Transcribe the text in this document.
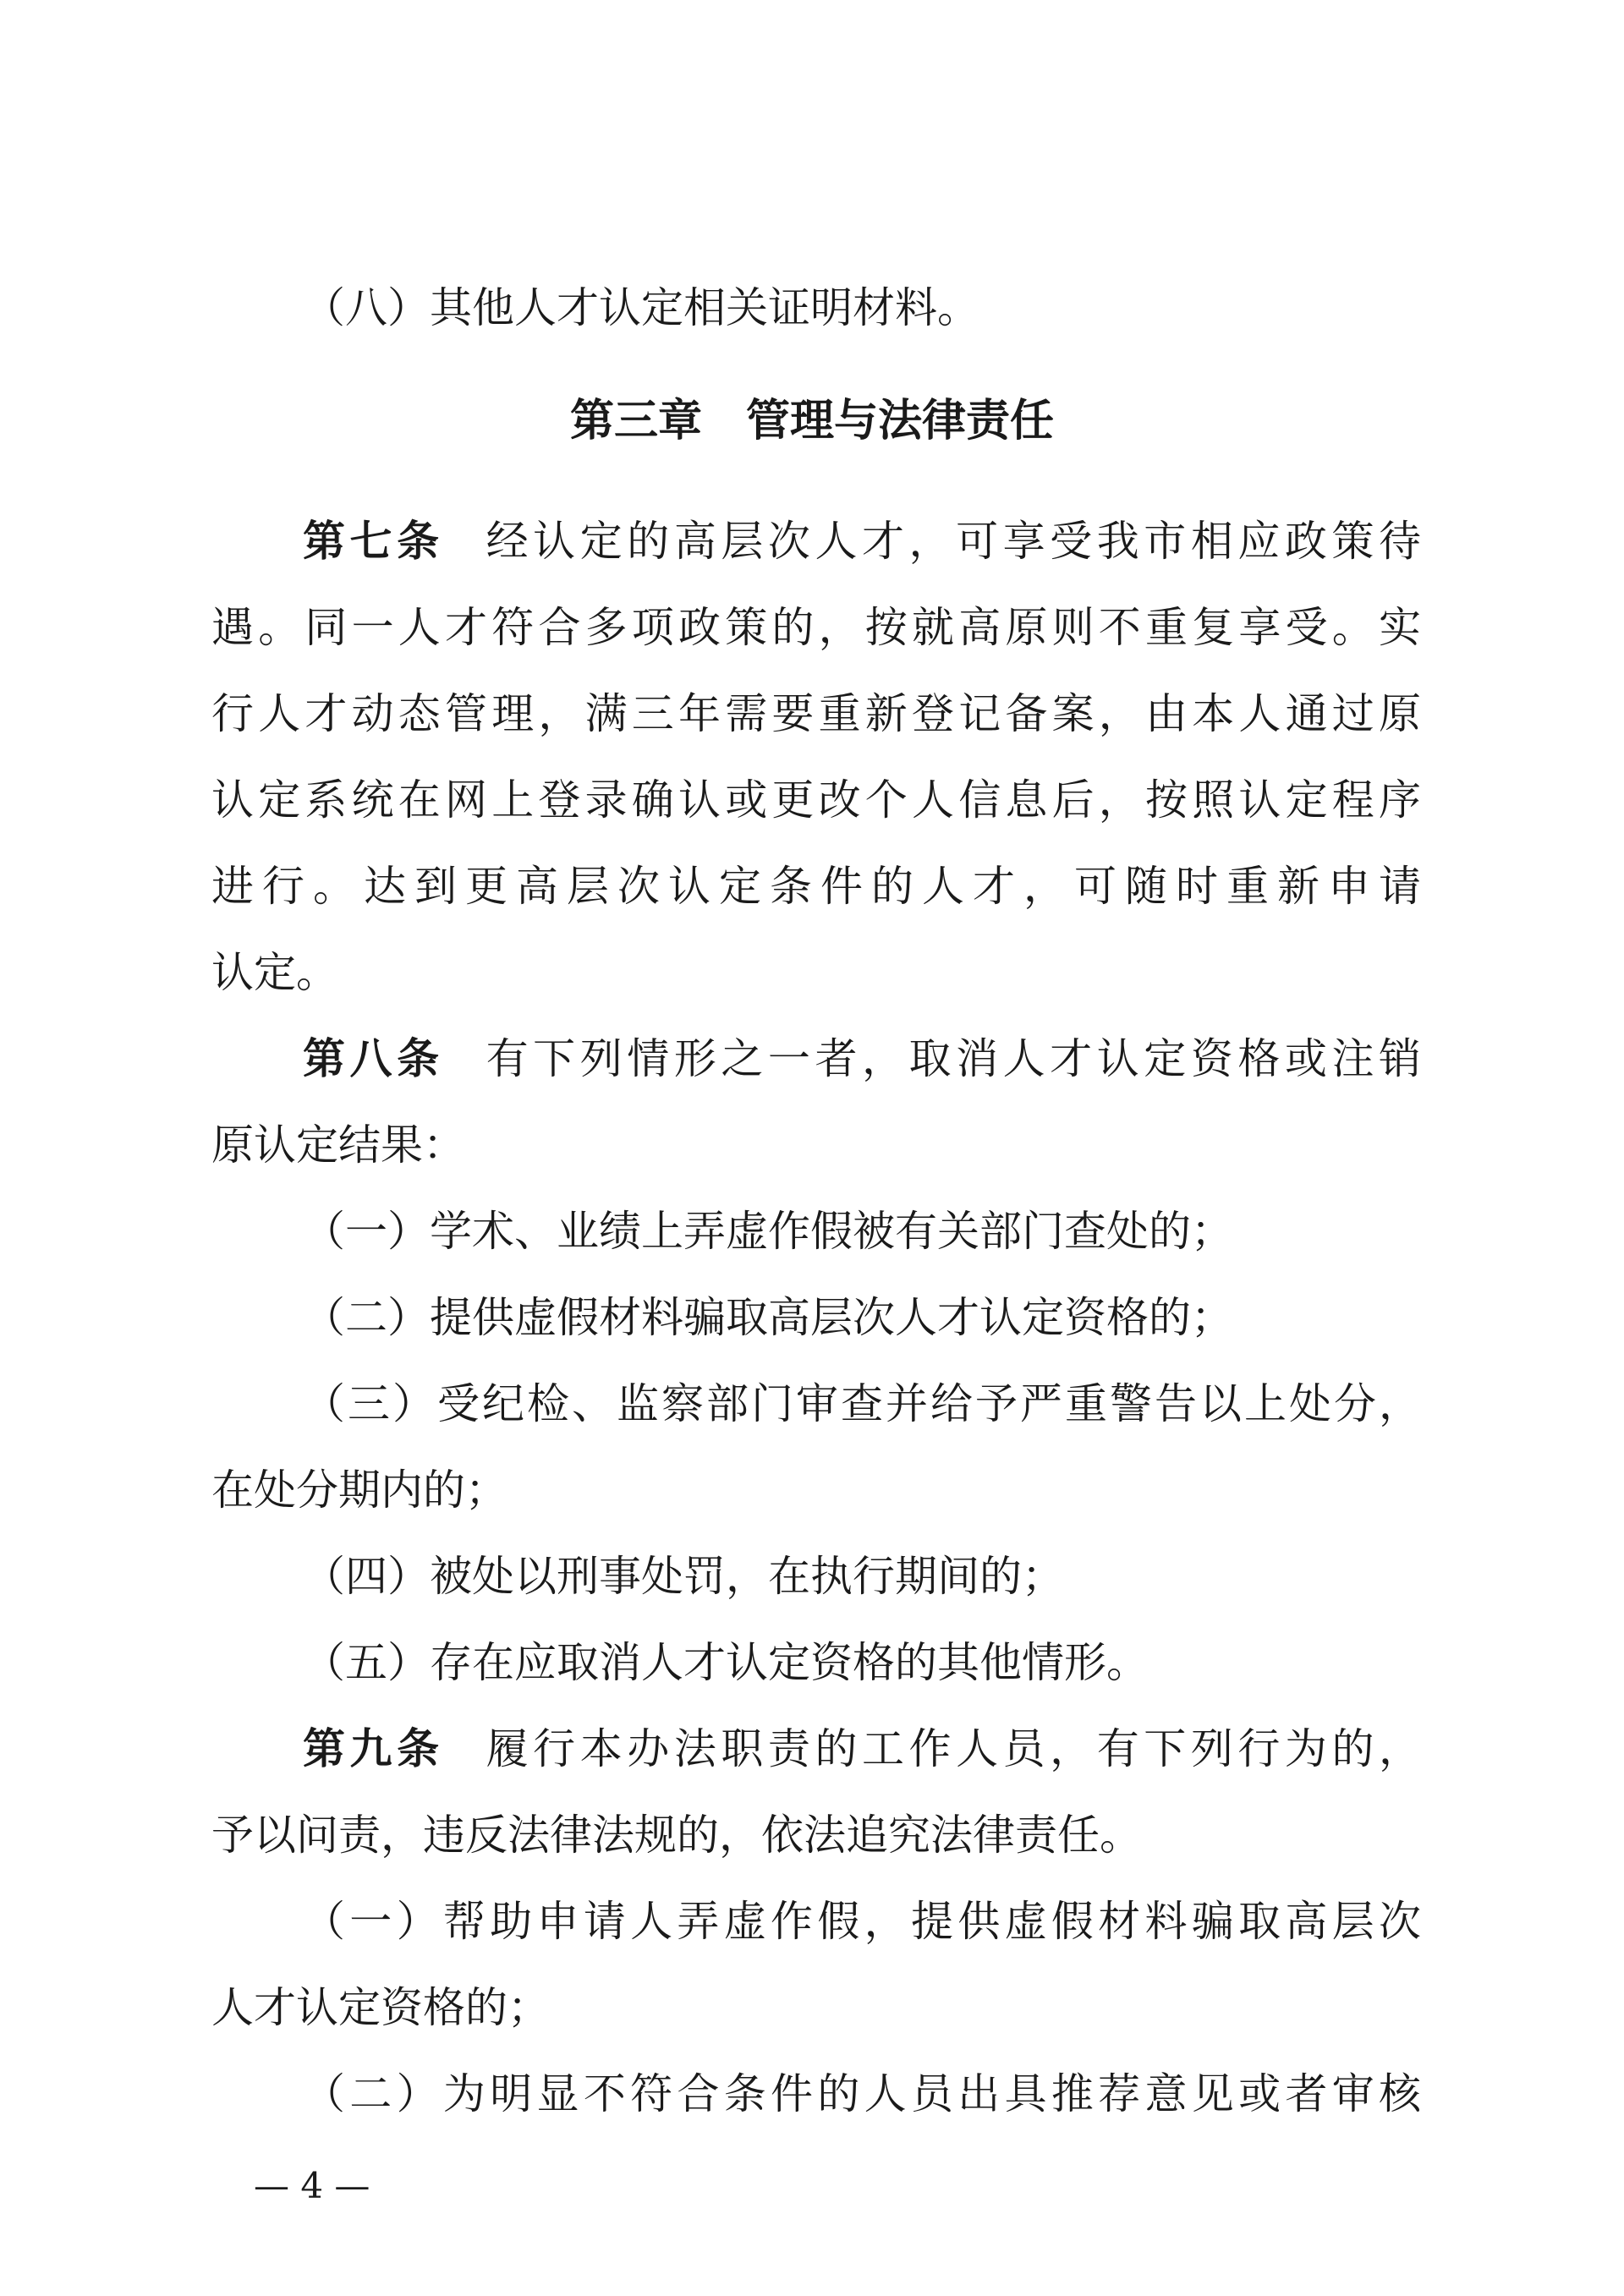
（八）其他人才认定相关证明材料。
第三章　管理与法律责任
第七条 经认定的高层次人才，可享受我市相应政策待
遇。同一人才符合多项政策的，按就高原则不重复享受。实
行人才动态管理，满三年需要重新登记备案，由本人通过原
认定系统在网上登录确认或更改个人信息后，按照认定程序
进行。达到更高层次认定条件的人才，可随时重新申请
认定。
第八条 有下列情形之一者，取消人才认定资格或注销
原认定结果：
（一）学术、业绩上弄虚作假被有关部门查处的；
（二）提供虚假材料骗取高层次人才认定资格的；
（三）受纪检、监察部门审查并给予严重警告以上处分，
在处分期内的；
（四）被处以刑事处罚，在执行期间的；
（五）存在应取消人才认定资格的其他情形。
第九条 履行本办法职责的工作人员，有下列行为的，
予以问责，违反法律法规的，依法追究法律责任。
（一）帮助申请人弄虚作假，提供虚假材料骗取高层次
人才认定资格的；
（二）为明显不符合条件的人员出具推荐意见或者审核
— 4 —
